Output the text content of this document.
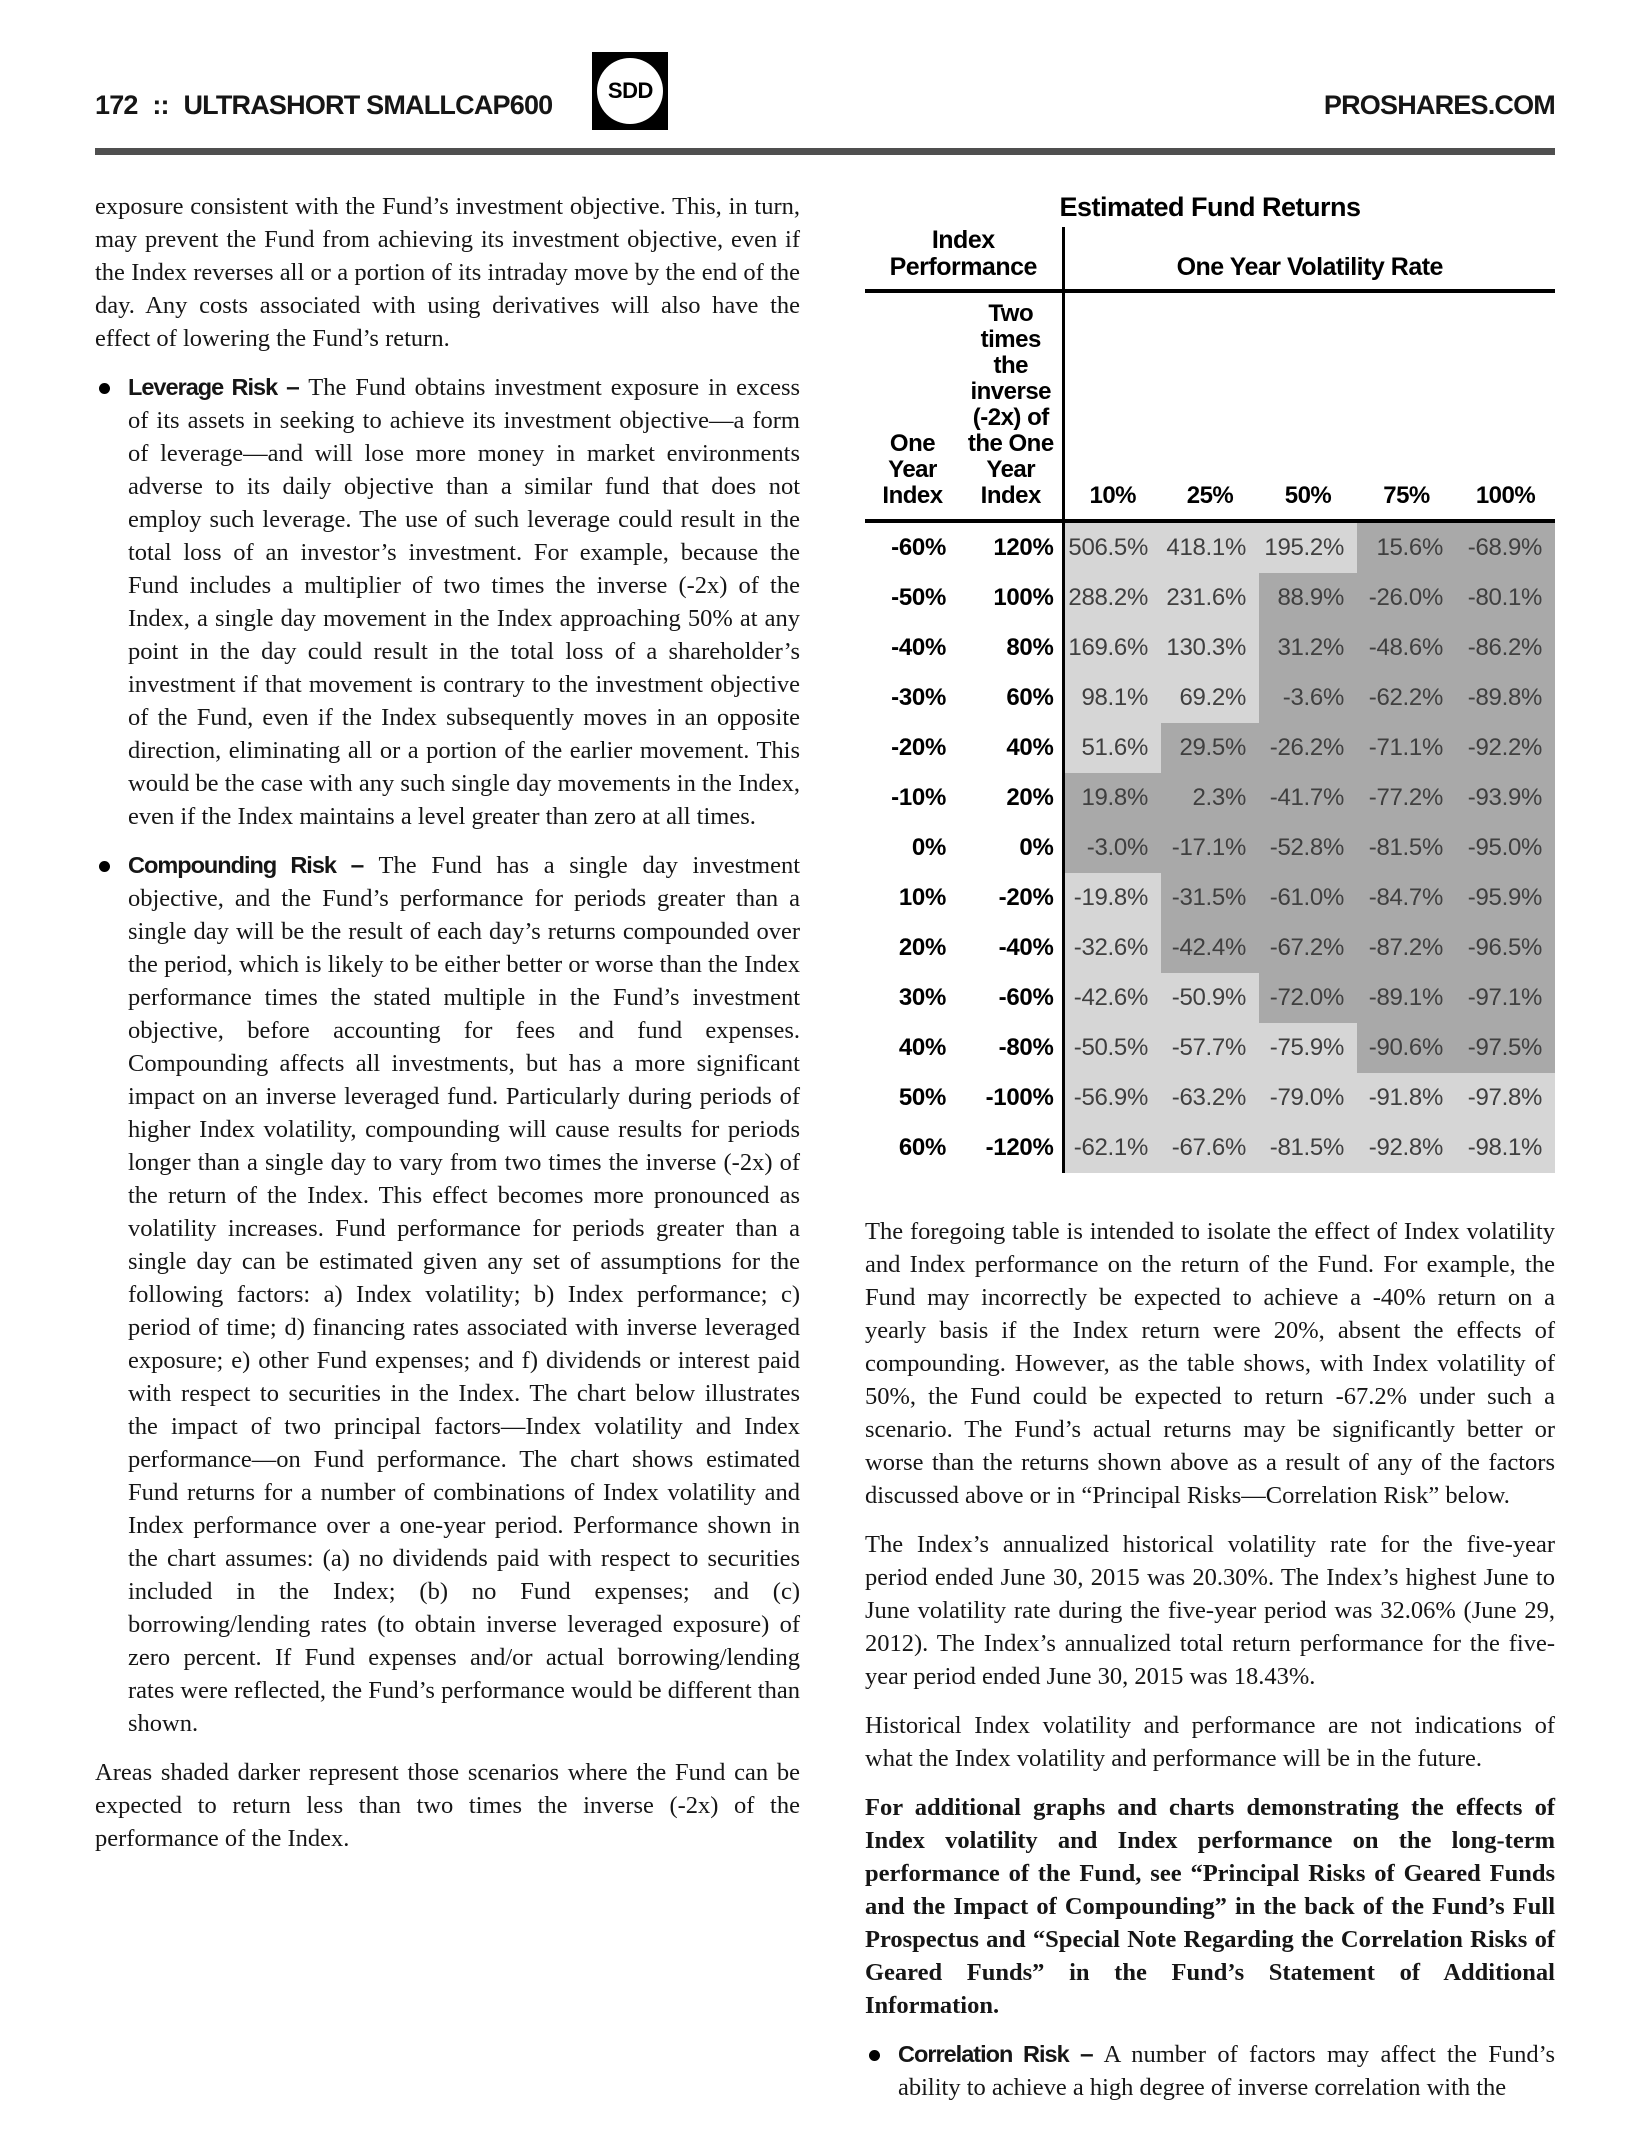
172 :: ULTRASHORT SMALLCAP600	SDD	PROSHARES.COM

exposure consistent with the Fund’s investment objective. This, in turn, may prevent the Fund from achieving its investment objective, even if the Index reverses all or a portion of its intraday move by the end of the day. Any costs associated with using derivatives will also have the effect of lowering the Fund’s return.

Leverage Risk – The Fund obtains investment exposure in excess of its assets in seeking to achieve its investment objective—a form of leverage—and will lose more money in market environments adverse to its daily objective than a similar fund that does not employ such leverage. The use of such leverage could result in the total loss of an investor’s investment. For example, because the Fund includes a multiplier of two times the inverse (-2x) of the Index, a single day movement in the Index approaching 50% at any point in the day could result in the total loss of a shareholder’s investment if that movement is contrary to the investment objective of the Fund, even if the Index subsequently moves in an opposite direction, eliminating all or a portion of the earlier movement. This would be the case with any such single day movements in the Index, even if the Index maintains a level greater than zero at all times.

Compounding Risk – The Fund has a single day investment objective, and the Fund’s performance for periods greater than a single day will be the result of each day’s returns compounded over the period, which is likely to be either better or worse than the Index performance times the stated multiple in the Fund’s investment objective, before accounting for fees and fund expenses. Compounding affects all investments, but has a more significant impact on an inverse leveraged fund. Particularly during periods of higher Index volatility, compounding will cause results for periods longer than a single day to vary from two times the inverse (-2x) of the return of the Index. This effect becomes more pronounced as volatility increases. Fund performance for periods greater than a single day can be estimated given any set of assumptions for the following factors: a) Index volatility; b) Index performance; c) period of time; d) financing rates associated with inverse leveraged exposure; e) other Fund expenses; and f) dividends or interest paid with respect to securities in the Index. The chart below illustrates the impact of two principal factors—Index volatility and Index performance—on Fund performance. The chart shows estimated Fund returns for a number of combinations of Index volatility and Index performance over a one-year period. Performance shown in the chart assumes: (a) no dividends paid with respect to securities included in the Index; (b) no Fund expenses; and (c) borrowing/lending rates (to obtain inverse leveraged exposure) of zero percent. If Fund expenses and/or actual borrowing/lending rates were reflected, the Fund’s performance would be different than shown.

Areas shaded darker represent those scenarios where the Fund can be expected to return less than two times the inverse (-2x) of the performance of the Index.

Estimated Fund Returns
Index Performance		One Year Volatility Rate				
One Year Index	Two times the inverse (-2x) of the One Year Index	10%	25%	50%	75%	100%
-60%	120%	506.5%	418.1%	195.2%	15.6%	-68.9%
-50%	100%	288.2%	231.6%	88.9%	-26.0%	-80.1%
-40%	80%	169.6%	130.3%	31.2%	-48.6%	-86.2%
-30%	60%	98.1%	69.2%	-3.6%	-62.2%	-89.8%
-20%	40%	51.6%	29.5%	-26.2%	-71.1%	-92.2%
-10%	20%	19.8%	2.3%	-41.7%	-77.2%	-93.9%
0%	0%	-3.0%	-17.1%	-52.8%	-81.5%	-95.0%
10%	-20%	-19.8%	-31.5%	-61.0%	-84.7%	-95.9%
20%	-40%	-32.6%	-42.4%	-67.2%	-87.2%	-96.5%
30%	-60%	-42.6%	-50.9%	-72.0%	-89.1%	-97.1%
40%	-80%	-50.5%	-57.7%	-75.9%	-90.6%	-97.5%
50%	-100%	-56.9%	-63.2%	-79.0%	-91.8%	-97.8%
60%	-120%	-62.1%	-67.6%	-81.5%	-92.8%	-98.1%

The foregoing table is intended to isolate the effect of Index volatility and Index performance on the return of the Fund. For example, the Fund may incorrectly be expected to achieve a -40% return on a yearly basis if the Index return were 20%, absent the effects of compounding. However, as the table shows, with Index volatility of 50%, the Fund could be expected to return -67.2% under such a scenario. The Fund’s actual returns may be significantly better or worse than the returns shown above as a result of any of the factors discussed above or in “Principal Risks—Correlation Risk” below.

The Index’s annualized historical volatility rate for the five-year period ended June 30, 2015 was 20.30%. The Index’s highest June to June volatility rate during the five-year period was 32.06% (June 29, 2012). The Index’s annualized total return performance for the five-year period ended June 30, 2015 was 18.43%.

Historical Index volatility and performance are not indications of what the Index volatility and performance will be in the future.

For additional graphs and charts demonstrating the effects of Index volatility and Index performance on the long-term performance of the Fund, see “Principal Risks of Geared Funds and the Impact of Compounding” in the back of the Fund’s Full Prospectus and “Special Note Regarding the Correlation Risks of Geared Funds” in the Fund’s Statement of Additional Information.

Correlation Risk – A number of factors may affect the Fund’s ability to achieve a high degree of inverse correlation with the
